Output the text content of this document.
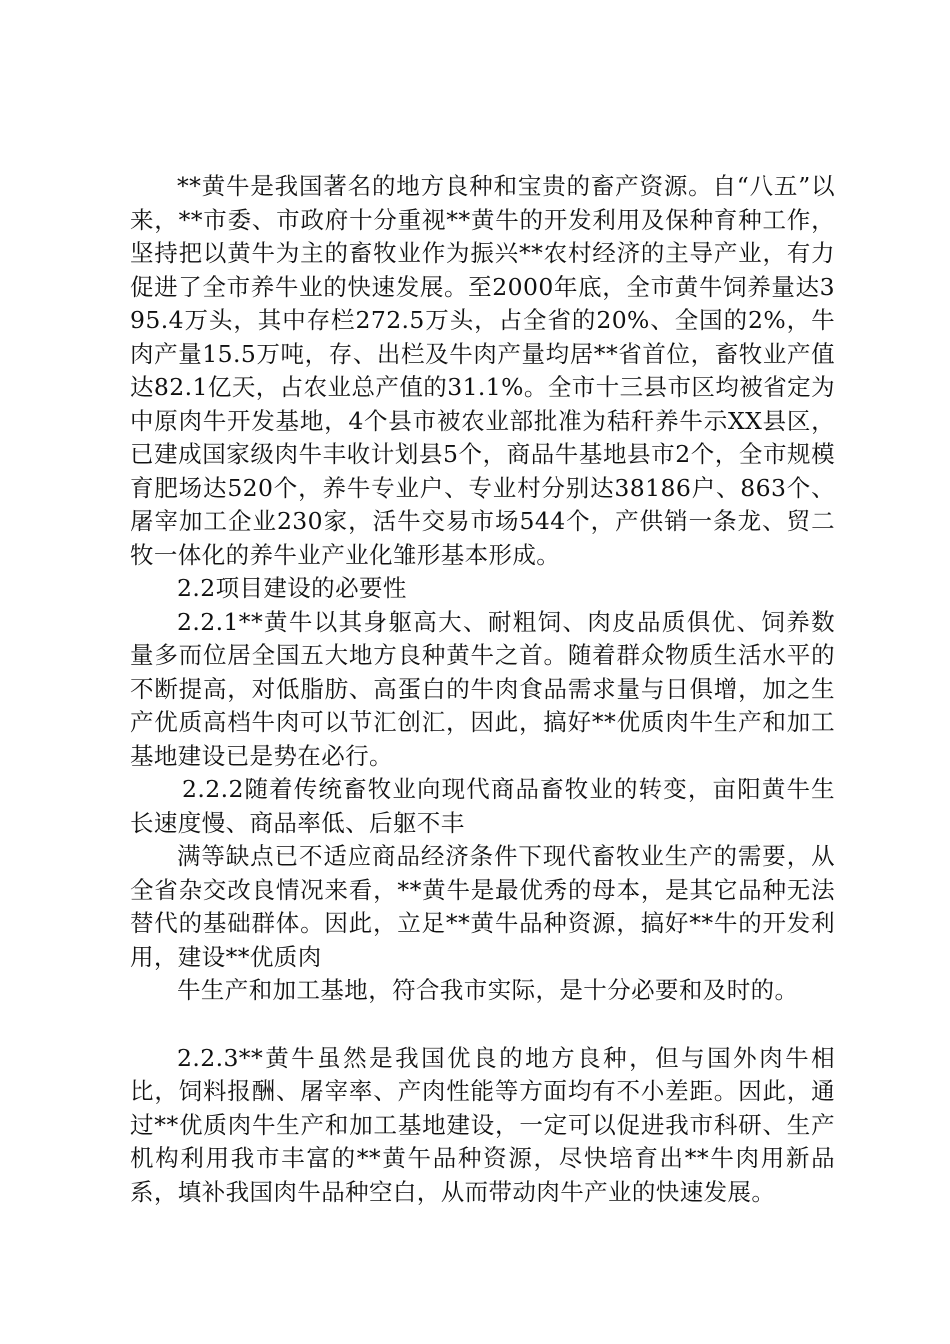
**黄牛是我国著名的地方良种和宝贵的畜产资源。自“八五”以来，**市委、市政府十分重视**黄牛的开发利用及保种育种工作，坚持把以黄牛为主的畜牧业作为振兴**农村经济的主导产业，有力促进了全市养牛业的快速发展。至2000年底，全市黄牛饲养量达395.4万头，其中存栏272.5万头，占全省的20%、全国的2%，牛肉产量15.5万吨，存、出栏及牛肉产量均居**省首位，畜牧业产值达82.1亿天，占农业总产值的31.1%。全市十三县市区均被省定为中原肉牛开发基地，4个县市被农业部批准为秸秆养牛示XX县区，已建成国家级肉牛丰收计划县5个，商品牛基地县市2个，全市规模育肥场达520个，养牛专业户、专业村分别达38186户、863个、屠宰加工企业230家，活牛交易市场544个，产供销一条龙、贸二牧一体化的养牛业产业化雏形基本形成。

2.2项目建设的必要性

2.2.1**黄牛以其身躯高大、耐粗饲、肉皮品质俱优、饲养数量多而位居全国五大地方良种黄牛之首。随着群众物质生活水平的不断提高，对低脂肪、高蛋白的牛肉食品需求量与日俱增，加之生产优质高档牛肉可以节汇创汇，因此，搞好**优质肉牛生产和加工基地建设已是势在必行。

2.2.2随着传统畜牧业向现代商品畜牧业的转变，亩阳黄牛生长速度慢、商品率低、后躯不丰

满等缺点已不适应商品经济条件下现代畜牧业生产的需要，从全省杂交改良情况来看，**黄牛是最优秀的母本，是其它品种无法替代的基础群体。因此，立足**黄牛品种资源，搞好**牛的开发利用，建设**优质肉

牛生产和加工基地，符合我市实际，是十分必要和及时的。

2.2.3**黄牛虽然是我国优良的地方良种，但与国外肉牛相比，饲料报酬、屠宰率、产肉性能等方面均有不小差距。因此，通过**优质肉牛生产和加工基地建设，一定可以促进我市科研、生产机构利用我市丰富的**黄午品种资源，尽快培育出**牛肉用新品系，填补我国肉牛品种空白，从而带动肉牛产业的快速发展。
